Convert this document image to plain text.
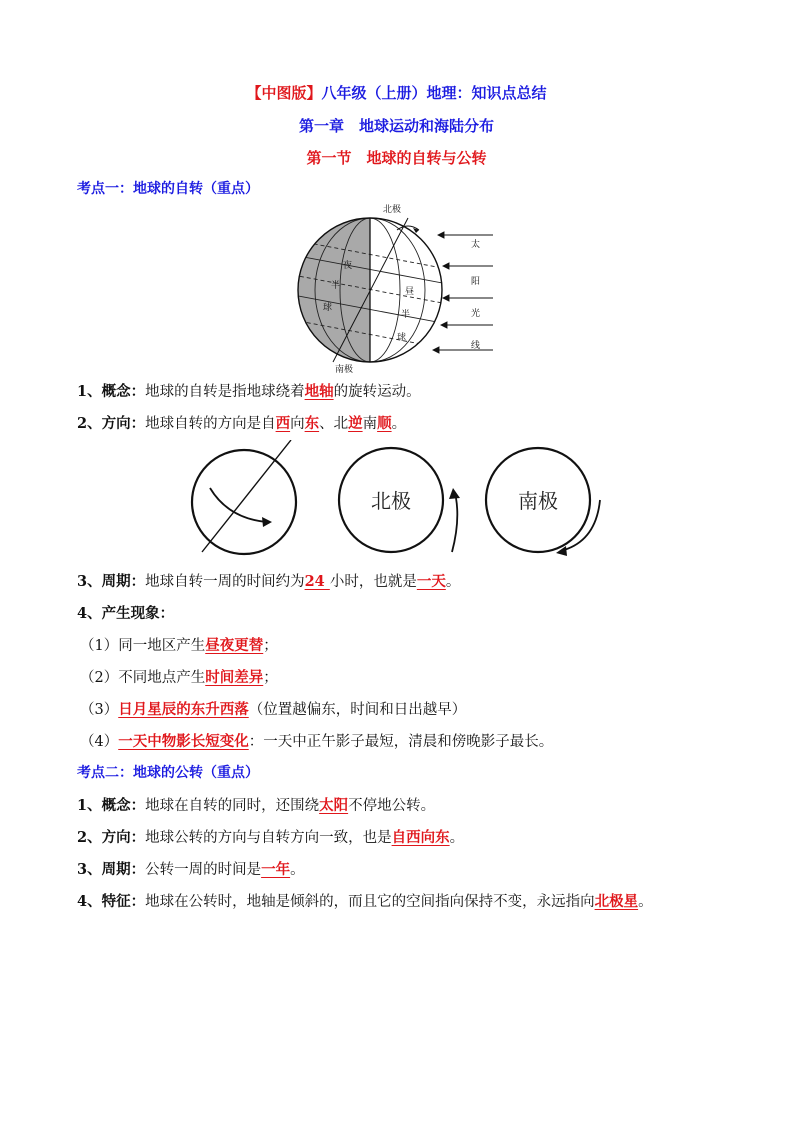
【中图版】八年级（上册）地理：知识点总结
第一章　地球运动和海陆分布
第一节　地球的自转与公转
考点一：地球的自转（重点）
北极
南极
夜
半
球
昼
半
球
太
阳
光
线
1、概念：地球的自转是指地球绕着地轴的旋转运动。
2、方向：地球自转的方向是自西向东、北逆南顺。
北极	南极
3、周期：地球自转一周的时间约为24 小时，也就是一天。
4、产生现象：
（1）同一地区产生昼夜更替；
（2）不同地点产生时间差异；
（3）日月星辰的东升西落（位置越偏东，时间和日出越早）
（4）一天中物影长短变化：一天中正午影子最短，清晨和傍晚影子最长。
考点二：地球的公转（重点）
1、概念：地球在自转的同时，还围绕太阳不停地公转。
2、方向：地球公转的方向与自转方向一致，也是自西向东。
3、周期：公转一周的时间是一年。
4、特征：地球在公转时，地轴是倾斜的，而且它的空间指向保持不变，永远指向北极星。
